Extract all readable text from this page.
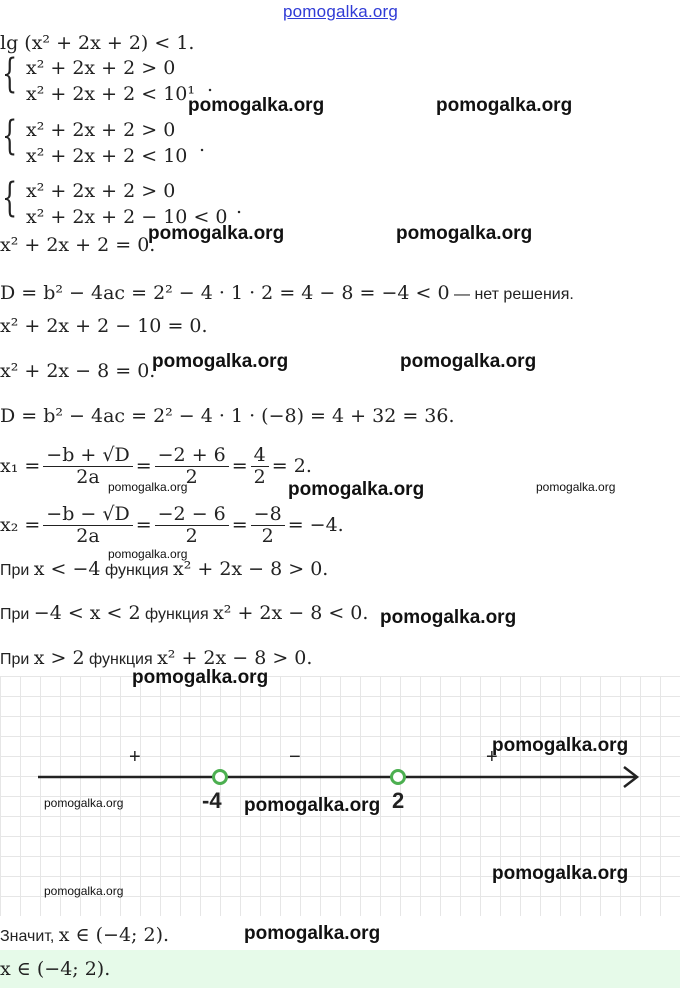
pomogalka.org
lg (x² + 2x + 2) < 1.
{ x² + 2x + 2 > 0
x² + 2x + 2 < 10¹ .
{ x² + 2x + 2 > 0
x² + 2x + 2 < 10 .
{ x² + 2x + 2 > 0
x² + 2x + 2 − 10 < 0 .
x² + 2x + 2 = 0.
D = b² − 4ac = 2² − 4 · 1 · 2 = 4 − 8 = −4 < 0 — нет решения.
x² + 2x + 2 − 10 = 0.
x² + 2x − 8 = 0.
D = b² − 4ac = 2² − 4 · 1 · (−8) = 4 + 32 = 36.
$x_1 = \frac{-b + √D}{2a} = \frac{-2 + 6}{2} = \frac{4}{2} = 2$.
$x_2 = \frac{-b - √D}{2a} = \frac{-2 - 6}{2} = \frac{-8}{2} = -4$.
При x < −4 функция x² + 2x − 8 > 0.
При −4 < x < 2 функция x² + 2x − 8 < 0.
При x > 2 функция x² + 2x − 8 > 0.
+	−	+
-4	2
Значит, x ∈ (−4; 2).
x ∈ (−4; 2).
pomogalka.org	pomogalka.org
pomogalka.org	pomogalka.org
pomogalka.org	pomogalka.org
pomogalka.org	pomogalka.org	pomogalka.org
pomogalka.org
pomogalka.org
pomogalka.org
pomogalka.org
pomogalka.org	pomogalka.org
pomogalka.org
pomogalka.org
pomogalka.org
